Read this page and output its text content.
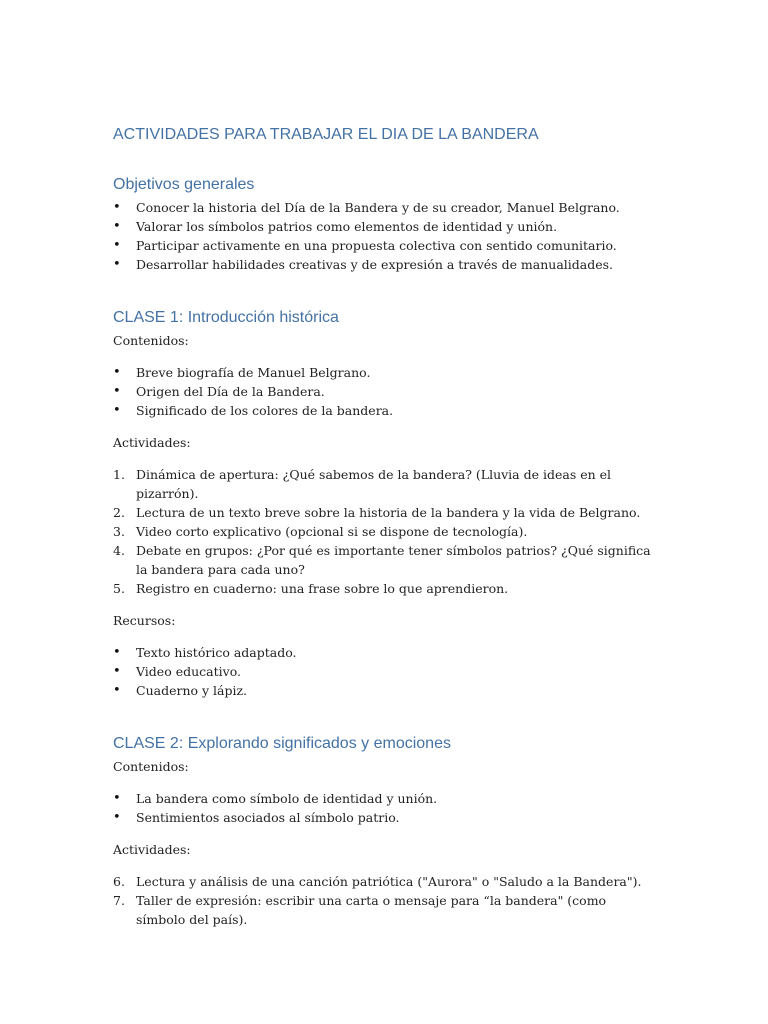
ACTIVIDADES PARA TRABAJAR EL DIA DE LA BANDERA
Objetivos generales
• Conocer la historia del Día de la Bandera y de su creador, Manuel Belgrano.
• Valorar los símbolos patrios como elementos de identidad y unión.
• Participar activamente en una propuesta colectiva con sentido comunitario.
• Desarrollar habilidades creativas y de expresión a través de manualidades.
CLASE 1: Introducción histórica

Contenidos:

• Breve biografía de Manuel Belgrano.
• Origen del Día de la Bandera.
• Significado de los colores de la bandera.

Actividades:

1. Dinámica de apertura: ¿Qué sabemos de la bandera? (Lluvia de ideas en el pizarrón).
2. Lectura de un texto breve sobre la historia de la bandera y la vida de Belgrano.
3. Video corto explicativo (opcional si se dispone de tecnología).
4. Debate en grupos: ¿Por qué es importante tener símbolos patrios? ¿Qué significa la bandera para cada uno?
5. Registro en cuaderno: una frase sobre lo que aprendieron.

Recursos:

• Texto histórico adaptado.
• Video educativo.
• Cuaderno y lápiz.
CLASE 2: Explorando significados y emociones

Contenidos:

• La bandera como símbolo de identidad y unión.
• Sentimientos asociados al símbolo patrio.

Actividades:

6. Lectura y análisis de una canción patriótica ("Aurora" o "Saludo a la Bandera").
7. Taller de expresión: escribir una carta o mensaje para “la bandera" (como símbolo del país).
